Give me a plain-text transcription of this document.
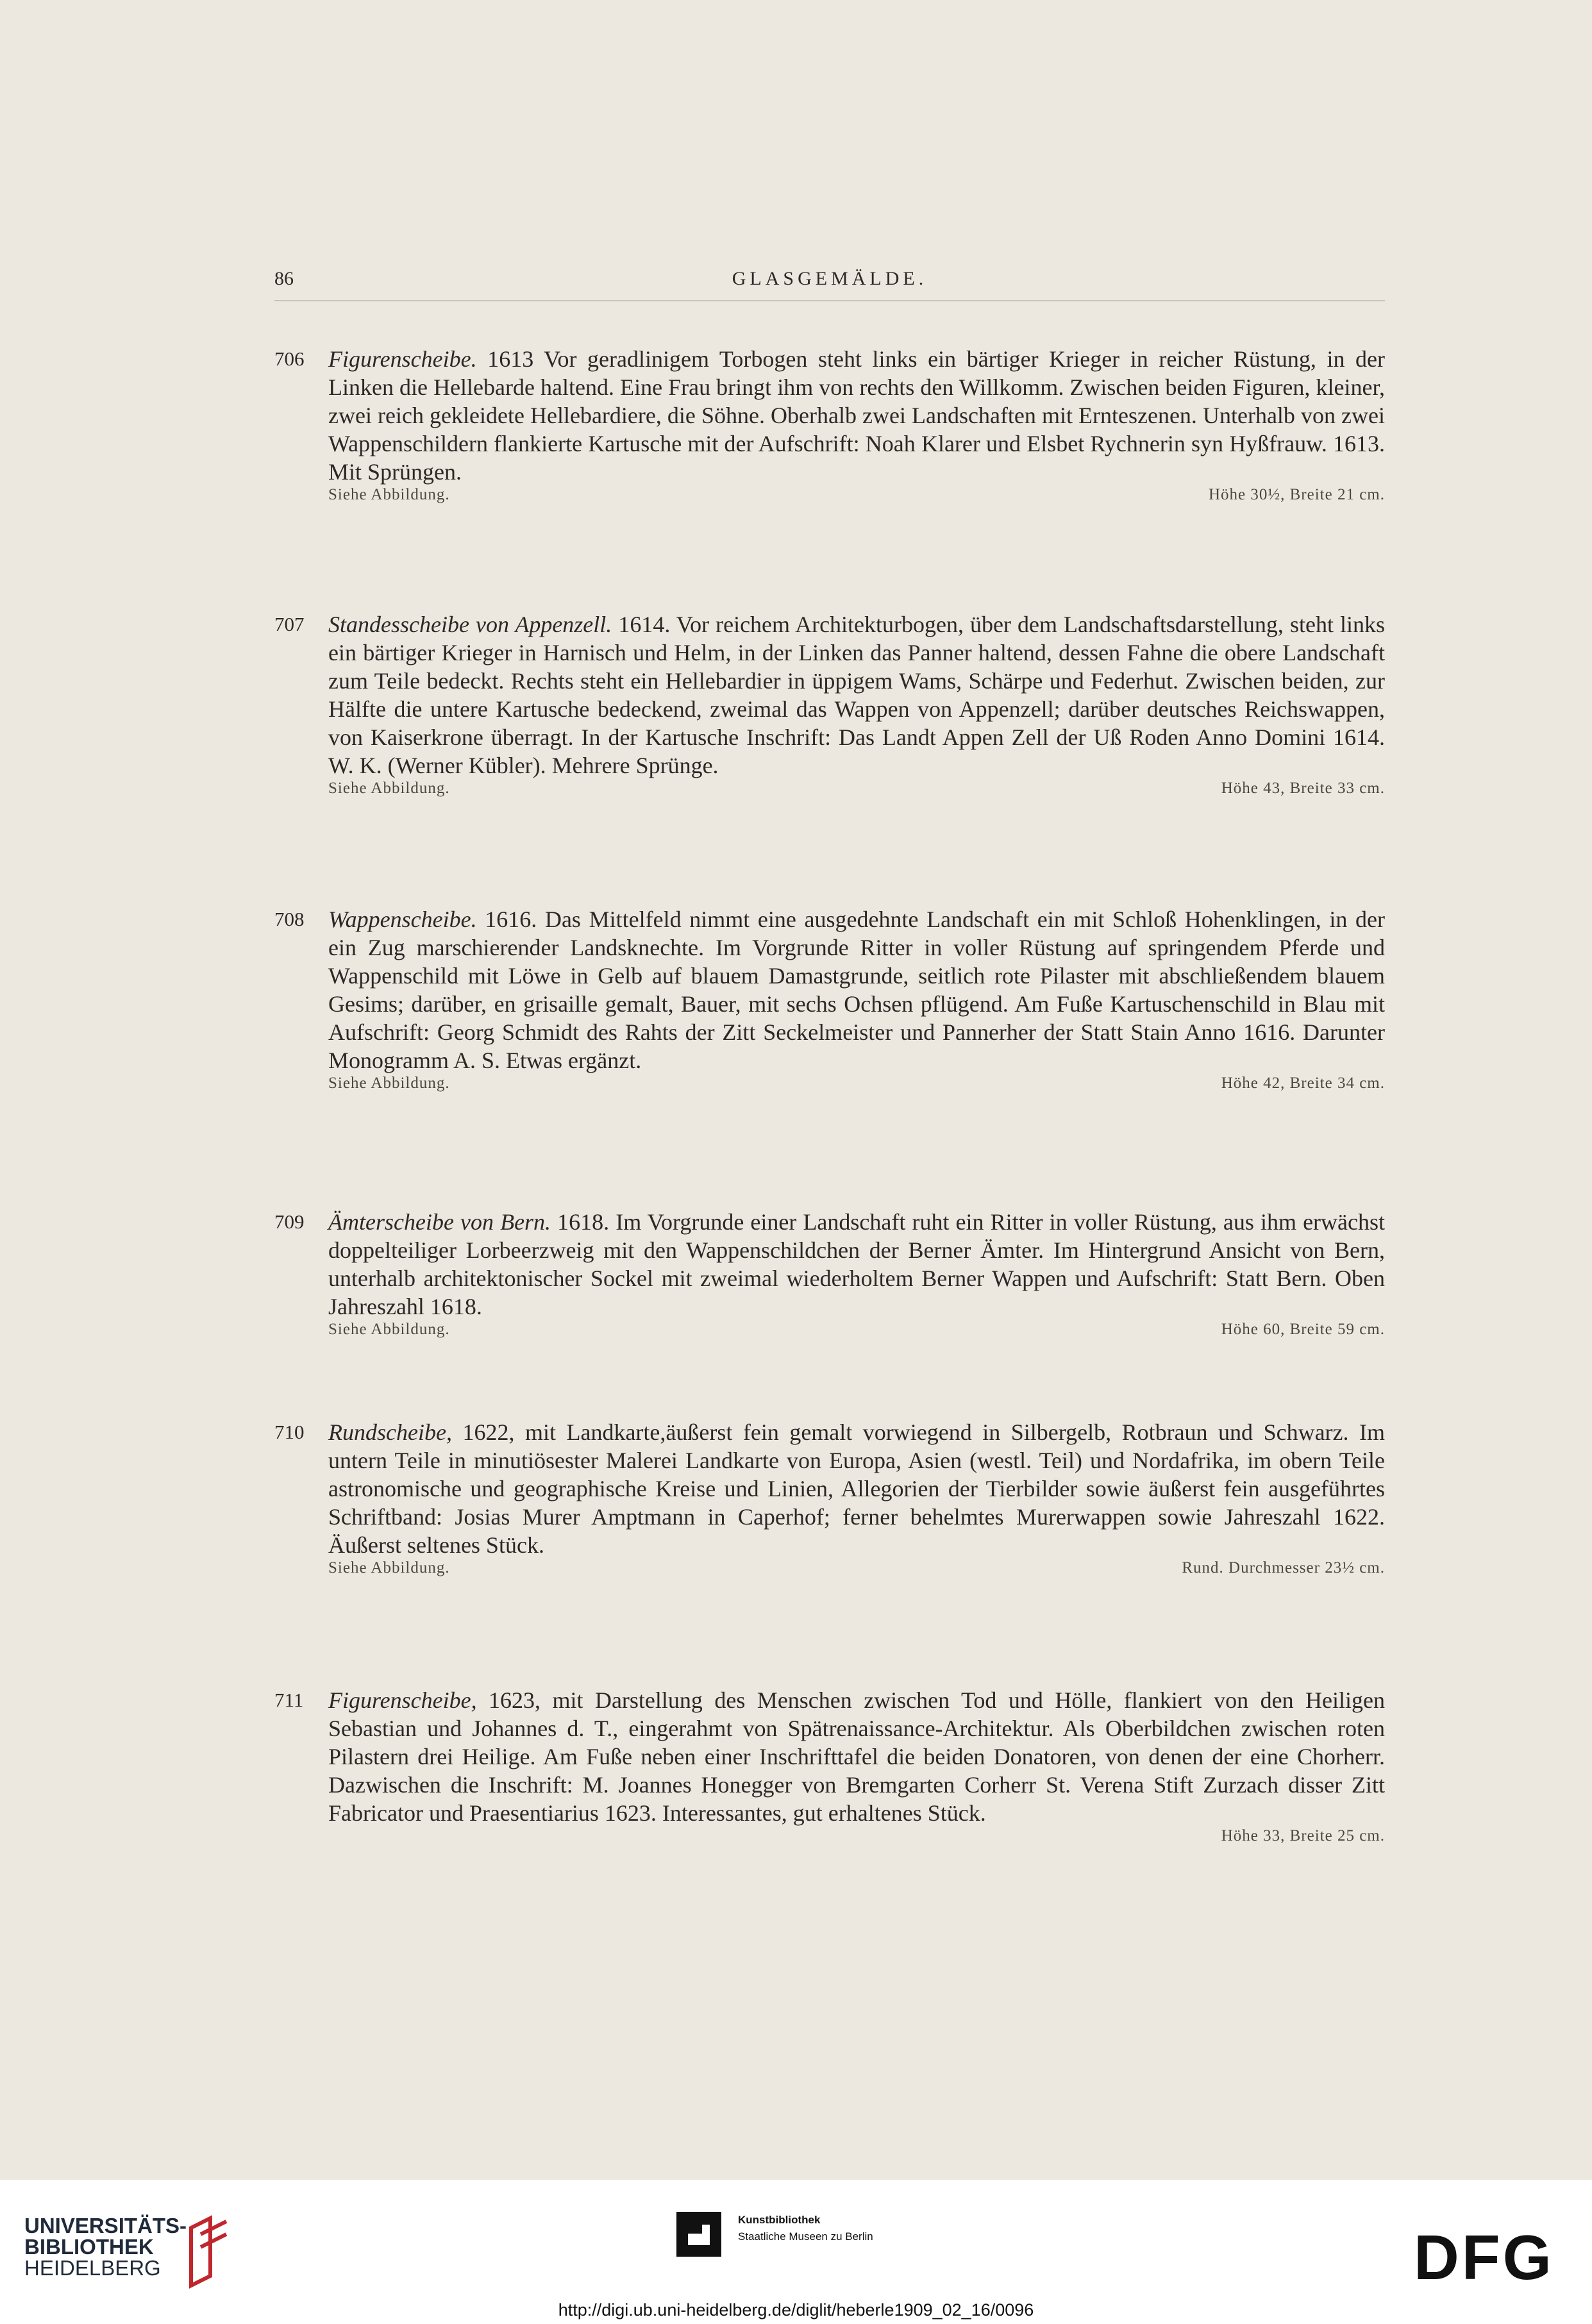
86	GLASGEMÄLDE.
706 Figurenscheibe. 1613 Vor geradlinigem Torbogen steht links ein bärtiger Krieger in reicher Rüstung, in der Linken die Hellebarde haltend. Eine Frau bringt ihm von rechts den Willkomm. Zwischen beiden Figuren, kleiner, zwei reich gekleidete Hellebardiere, die Söhne. Oberhalb zwei Landschaften mit Ernteszenen. Unterhalb von zwei Wappenschildern flankierte Kartusche mit der Aufschrift: Noah Klarer und Elsbet Rychnerin syn Hyßfrauw. 1613. Mit Sprüngen.
Siehe Abbildung.	Höhe 30½, Breite 21 cm.
707 Standesscheibe von Appenzell. 1614. Vor reichem Architekturbogen, über dem Landschaftsdarstellung, steht links ein bärtiger Krieger in Harnisch und Helm, in der Linken das Panner haltend, dessen Fahne die obere Landschaft zum Teile bedeckt. Rechts steht ein Hellebardier in üppigem Wams, Schärpe und Federhut. Zwischen beiden, zur Hälfte die untere Kartusche bedeckend, zweimal das Wappen von Appenzell; darüber deutsches Reichswappen, von Kaiserkrone überragt. In der Kartusche Inschrift: Das Landt Appen Zell der Uß Roden Anno Domini 1614. W. K. (Werner Kübler). Mehrere Sprünge.
Siehe Abbildung.	Höhe 43, Breite 33 cm.
708 Wappenscheibe. 1616. Das Mittelfeld nimmt eine ausgedehnte Landschaft ein mit Schloß Hohenklingen, in der ein Zug marschierender Landsknechte. Im Vorgrunde Ritter in voller Rüstung auf springendem Pferde und Wappenschild mit Löwe in Gelb auf blauem Damastgrunde, seitlich rote Pilaster mit abschließendem blauem Gesims; darüber, en grisaille gemalt, Bauer, mit sechs Ochsen pflügend. Am Fuße Kartuschenschild in Blau mit Aufschrift: Georg Schmidt des Rahts der Zitt Seckelmeister und Pannerher der Statt Stain Anno 1616. Darunter Monogramm A. S. Etwas ergänzt.
Siehe Abbildung.	Höhe 42, Breite 34 cm.
709 Ämterscheibe von Bern. 1618. Im Vorgrunde einer Landschaft ruht ein Ritter in voller Rüstung, aus ihm erwächst doppelteiliger Lorbeerzweig mit den Wappenschildchen der Berner Ämter. Im Hintergrund Ansicht von Bern, unterhalb architektonischer Sockel mit zweimal wiederholtem Berner Wappen und Aufschrift: Statt Bern. Oben Jahreszahl 1618.
Siehe Abbildung.	Höhe 60, Breite 59 cm.
710 Rundscheibe, 1622, mit Landkarte,äußerst fein gemalt vorwiegend in Silbergelb, Rotbraun und Schwarz. Im untern Teile in minutiösester Malerei Landkarte von Europa, Asien (westl. Teil) und Nordafrika, im obern Teile astronomische und geographische Kreise und Linien, Allegorien der Tierbilder sowie äußerst fein ausgeführtes Schriftband: Josias Murer Amptmann in Caperhof; ferner behelmtes Murerwappen sowie Jahreszahl 1622. Äußerst seltenes Stück.
Siehe Abbildung.	Rund. Durchmesser 23½ cm.
711 Figurenscheibe, 1623, mit Darstellung des Menschen zwischen Tod und Hölle, flankiert von den Heiligen Sebastian und Johannes d. T., eingerahmt von Spätrenaissance-Architektur. Als Oberbildchen zwischen roten Pilastern drei Heilige. Am Fuße neben einer Inschrifttafel die beiden Donatoren, von denen der eine Chorherr. Dazwischen die Inschrift: M. Joannes Honegger von Bremgarten Corherr St. Verena Stift Zurzach disser Zitt Fabricator und Praesentiarius 1623. Interessantes, gut erhaltenes Stück.
Höhe 33, Breite 25 cm.
UNIVERSITÄTS-
BIBLIOTHEK
HEIDELBERG
Kunstbibliothek
Staatliche Museen zu Berlin	DFG
http://digi.ub.uni-heidelberg.de/diglit/heberle1909_02_16/0096
